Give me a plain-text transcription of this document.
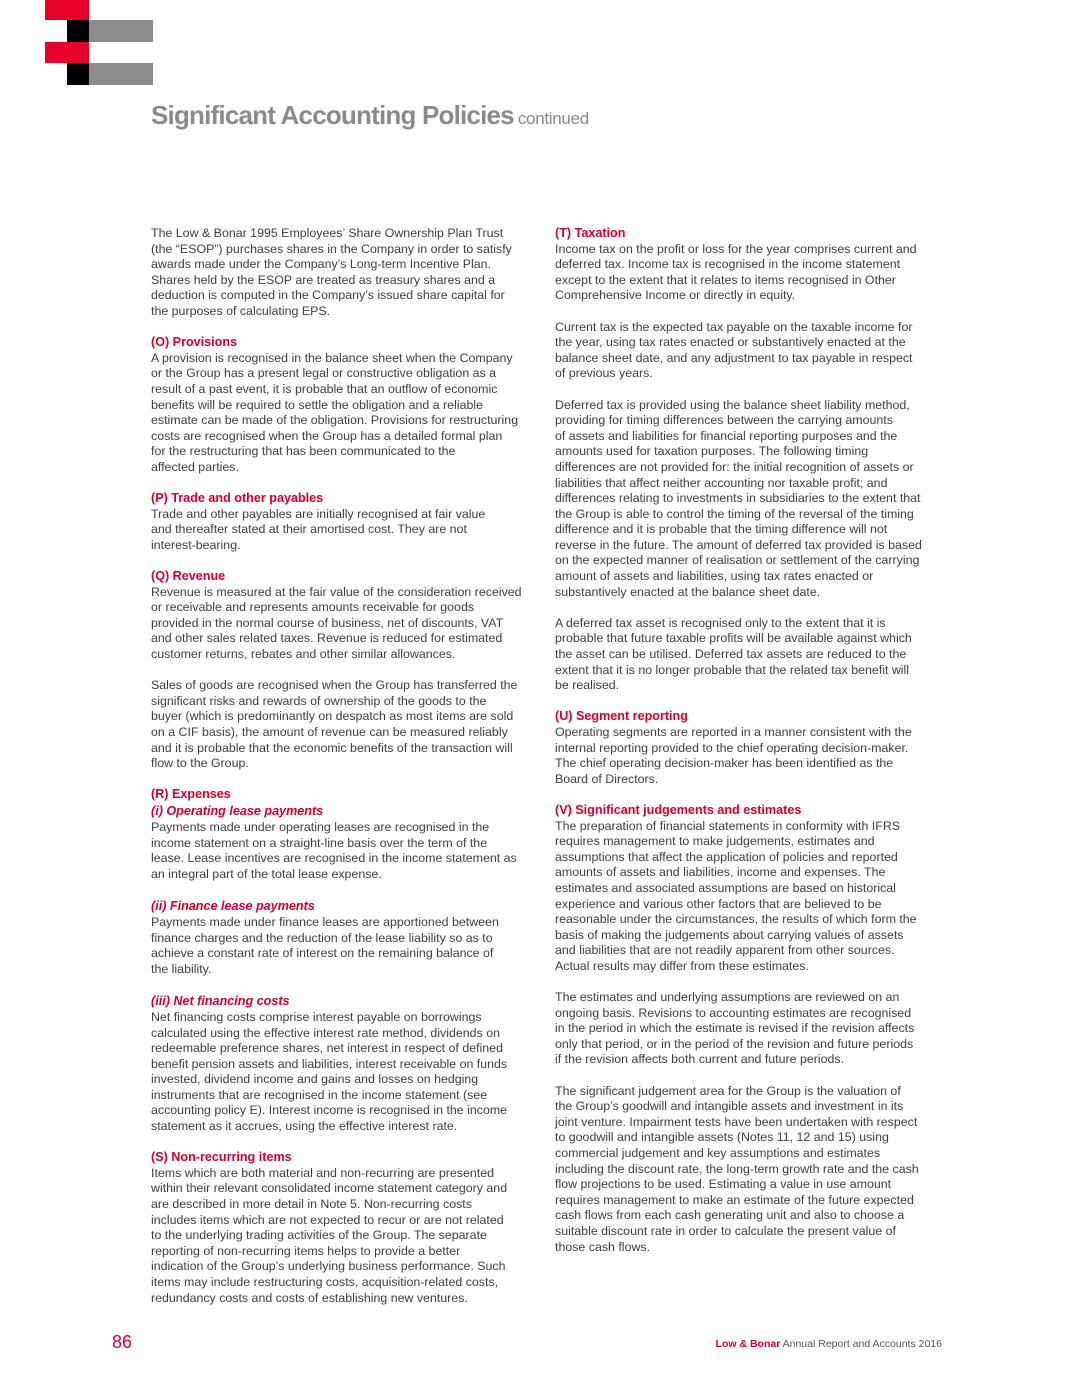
Significant Accounting Policies continued

The Low & Bonar 1995 Employees’ Share Ownership Plan Trust
(the “ESOP”) purchases shares in the Company in order to satisfy
awards made under the Company’s Long-term Incentive Plan.
Shares held by the ESOP are treated as treasury shares and a
deduction is computed in the Company’s issued share capital for
the purposes of calculating EPS.

(O) Provisions

A provision is recognised in the balance sheet when the Company
or the Group has a present legal or constructive obligation as a
result of a past event, it is probable that an outflow of economic
benefits will be required to settle the obligation and a reliable
estimate can be made of the obligation. Provisions for restructuring
costs are recognised when the Group has a detailed formal plan
for the restructuring that has been communicated to the
affected parties.

(P) Trade and other payables

Trade and other payables are initially recognised at fair value
and thereafter stated at their amortised cost. They are not
interest-bearing.

(Q) Revenue

Revenue is measured at the fair value of the consideration received
or receivable and represents amounts receivable for goods
provided in the normal course of business, net of discounts, VAT
and other sales related taxes. Revenue is reduced for estimated
customer returns, rebates and other similar allowances.

Sales of goods are recognised when the Group has transferred the
significant risks and rewards of ownership of the goods to the
buyer (which is predominantly on despatch as most items are sold
on a CIF basis), the amount of revenue can be measured reliably
and it is probable that the economic benefits of the transaction will
flow to the Group.

(R) Expenses
(i) Operating lease payments

Payments made under operating leases are recognised in the
income statement on a straight-line basis over the term of the
lease. Lease incentives are recognised in the income statement as
an integral part of the total lease expense.

(ii) Finance lease payments

Payments made under finance leases are apportioned between
finance charges and the reduction of the lease liability so as to
achieve a constant rate of interest on the remaining balance of
the liability.

(iii) Net financing costs

Net financing costs comprise interest payable on borrowings
calculated using the effective interest rate method, dividends on
redeemable preference shares, net interest in respect of defined
benefit pension assets and liabilities, interest receivable on funds
invested, dividend income and gains and losses on hedging
instruments that are recognised in the income statement (see
accounting policy E). Interest income is recognised in the income
statement as it accrues, using the effective interest rate.

(S) Non-recurring items

Items which are both material and non-recurring are presented
within their relevant consolidated income statement category and
are described in more detail in Note 5. Non-recurring costs
includes items which are not expected to recur or are not related
to the underlying trading activities of the Group. The separate
reporting of non-recurring items helps to provide a better
indication of the Group’s underlying business performance. Such
items may include restructuring costs, acquisition-related costs,
redundancy costs and costs of establishing new ventures.

(T) Taxation

Income tax on the profit or loss for the year comprises current and
deferred tax. Income tax is recognised in the income statement
except to the extent that it relates to items recognised in Other
Comprehensive Income or directly in equity.

Current tax is the expected tax payable on the taxable income for
the year, using tax rates enacted or substantively enacted at the
balance sheet date, and any adjustment to tax payable in respect
of previous years.

Deferred tax is provided using the balance sheet liability method,
providing for timing differences between the carrying amounts
of assets and liabilities for financial reporting purposes and the
amounts used for taxation purposes. The following timing
differences are not provided for: the initial recognition of assets or
liabilities that affect neither accounting nor taxable profit; and
differences relating to investments in subsidiaries to the extent that
the Group is able to control the timing of the reversal of the timing
difference and it is probable that the timing difference will not
reverse in the future. The amount of deferred tax provided is based
on the expected manner of realisation or settlement of the carrying
amount of assets and liabilities, using tax rates enacted or
substantively enacted at the balance sheet date.

A deferred tax asset is recognised only to the extent that it is
probable that future taxable profits will be available against which
the asset can be utilised. Deferred tax assets are reduced to the
extent that it is no longer probable that the related tax benefit will
be realised.

(U) Segment reporting

Operating segments are reported in a manner consistent with the
internal reporting provided to the chief operating decision-maker.
The chief operating decision-maker has been identified as the
Board of Directors.

(V) Significant judgements and estimates

The preparation of financial statements in conformity with IFRS
requires management to make judgements, estimates and
assumptions that affect the application of policies and reported
amounts of assets and liabilities, income and expenses. The
estimates and associated assumptions are based on historical
experience and various other factors that are believed to be
reasonable under the circumstances, the results of which form the
basis of making the judgements about carrying values of assets
and liabilities that are not readily apparent from other sources.
Actual results may differ from these estimates.

The estimates and underlying assumptions are reviewed on an
ongoing basis. Revisions to accounting estimates are recognised
in the period in which the estimate is revised if the revision affects
only that period, or in the period of the revision and future periods
if the revision affects both current and future periods.

The significant judgement area for the Group is the valuation of
the Group’s goodwill and intangible assets and investment in its
joint venture. Impairment tests have been undertaken with respect
to goodwill and intangible assets (Notes 11, 12 and 15) using
commercial judgement and key assumptions and estimates
including the discount rate, the long-term growth rate and the cash
flow projections to be used. Estimating a value in use amount
requires management to make an estimate of the future expected
cash flows from each cash generating unit and also to choose a
suitable discount rate in order to calculate the present value of
those cash flows.

86	Low & Bonar Annual Report and Accounts 2016
